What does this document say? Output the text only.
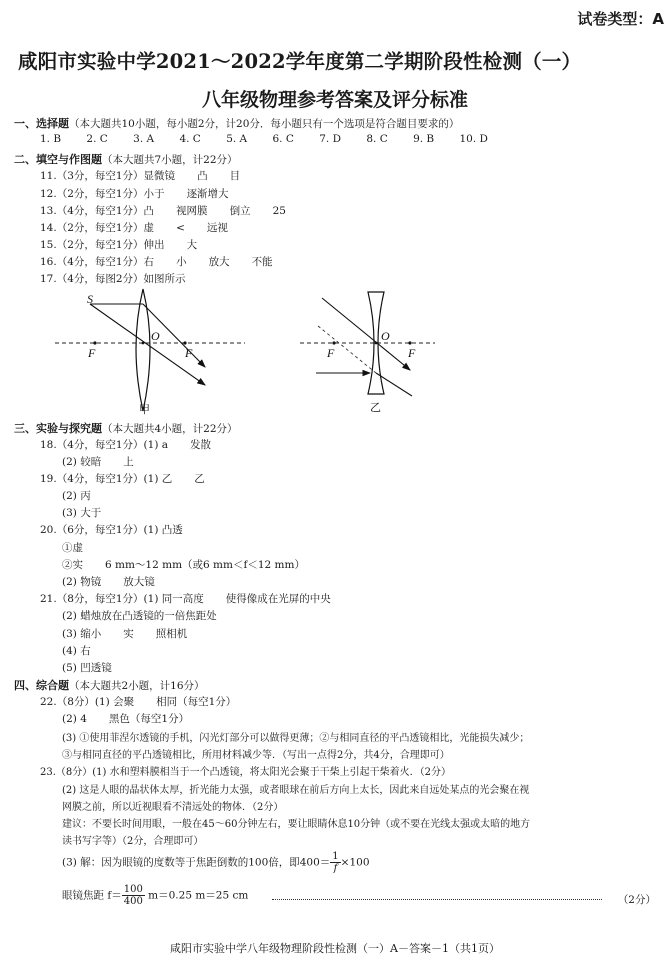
试卷类型：A
咸阳市实验中学2021～2022学年度第二学期阶段性检测（一）
八年级物理参考答案及评分标准
一、选择题（本大题共10小题，每小题2分，计20分．每小题只有一个选项是符合题目要求的）
1. B 2. C 3. A 4. C 5. A 6. C 7. D 8. C 9. B 10. D
二、填空与作图题（本大题共7小题，计22分）
11.（3分，每空1分）显微镜 凸 目
12.（2分，每空1分）小于 逐渐增大
13.（4分，每空1分）凸 视网膜 倒立 25
14.（2分，每空1分）虚 < 远视
15.（2分，每空1分）伸出 大
16.（4分，每空1分）右 小 放大 不能
17.（4分，每图2分）如图所示
S
O
F	F
甲
O
F	F
乙
三、实验与探究题（本大题共4小题，计22分）
18.（4分，每空1分）(1) a 发散
(2) 较暗 上
19.（4分，每空1分）(1) 乙 乙
(2) 丙
(3) 大于
20.（6分，每空1分）(1) 凸透
①虚
②实 6 mm～12 mm（或6 mm＜f＜12 mm）
(2) 物镜 放大镜
21.（8分，每空1分）(1) 同一高度 使得像成在光屏的中央
(2) 蜡烛放在凸透镜的一倍焦距处
(3) 缩小 实 照相机
(4) 右
(5) 凹透镜
四、综合题（本大题共2小题，计16分）
22.（8分）(1) 会聚 相同（每空1分）
(2) 4 黑色（每空1分）
(3) ①使用菲涅尔透镜的手机，闪光灯部分可以做得更薄；②与相同直径的平凸透镜相比，光能损失减少；
③与相同直径的平凸透镜相比，所用材料减少等．（写出一点得2分，共4分，合理即可）
23.（8分）(1) 水和塑料膜相当于一个凸透镜，将太阳光会聚于干柴上引起干柴着火．（2分）
(2) 这是人眼的晶状体太厚，折光能力太强，或者眼球在前后方向上太长，因此来自远处某点的光会聚在视
网膜之前，所以近视眼看不清远处的物体．（2分）
建议：不要长时间用眼，一般在45～60分钟左右，要让眼睛休息10分钟（或不要在光线太强或太暗的地方
读书写字等）（2分，合理即可）
(3) 解：因为眼镜的度数等于焦距倒数的100倍，即$400= \frac{1}{f} \times 100$
眼镜焦距 $f= \frac{100}{400} m=0.25$ m＝25 cm	（2分）
咸阳市实验中学八年级物理阶段性检测（一）A－答案－1（共1页）
